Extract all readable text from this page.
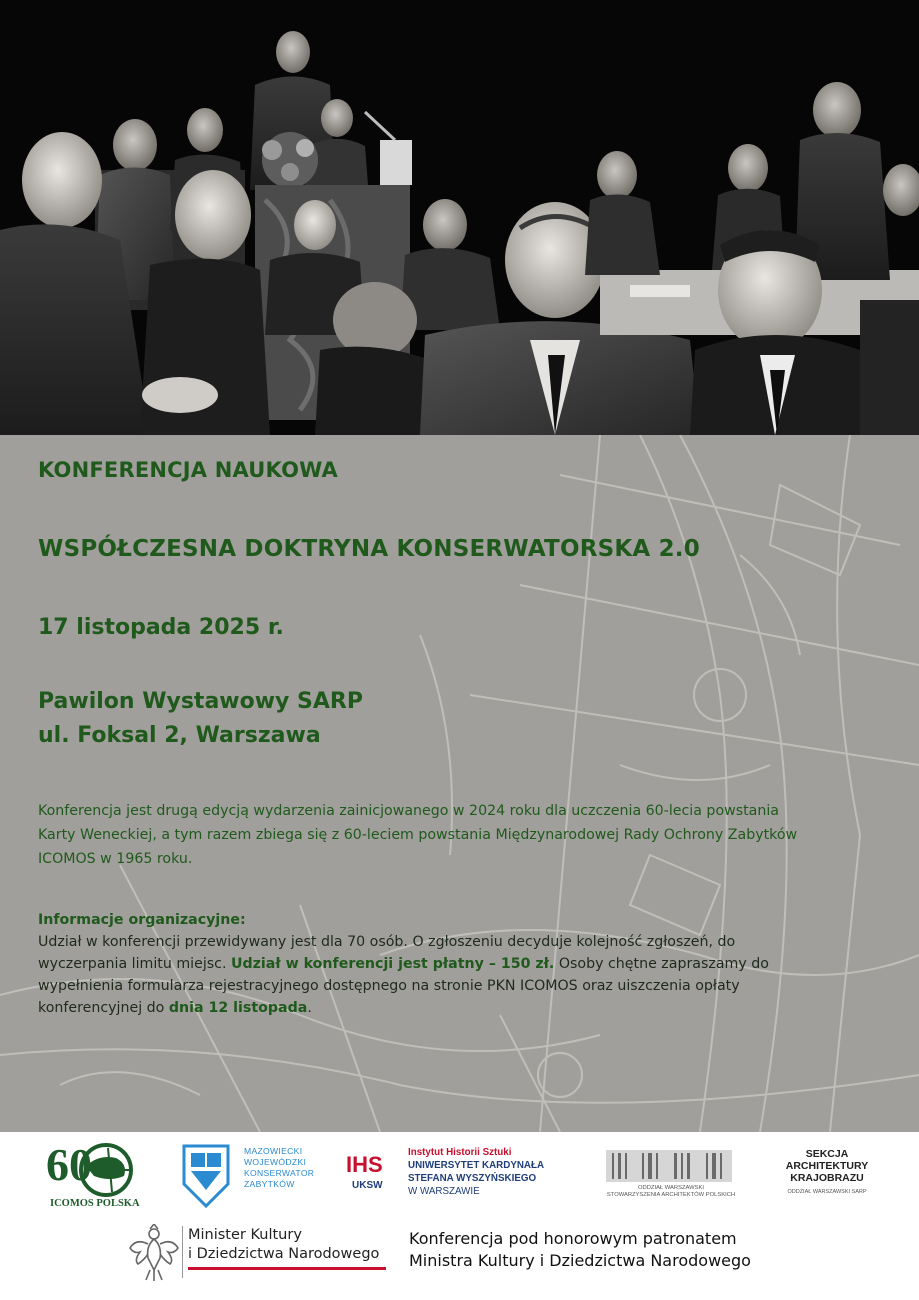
KONFERENCJA NAUKOWA
WSPÓŁCZESNA DOKTRYNA KONSERWATORSKA 2.0

17 listopada 2025 r.

Pawilon Wystawowy SARP
ul. Foksal 2, Warszawa

Konferencja jest drugą edycją wydarzenia zainicjowanego w 2024 roku dla uczczenia 60-lecia powstania Karty Weneckiej, a tym razem zbiega się z 60-leciem powstania Międzynarodowej Rady Ochrony Zabytków ICOMOS w 1965 roku.

Informacje organizacyjne:
Udział w konferencji przewidywany jest dla 70 osób. O zgłoszeniu decyduje kolejność zgłoszeń, do wyczerpania limitu miejsc. Udział w konferencji jest płatny – 150 zł. Osoby chętne zapraszamy do wypełnienia formularza rejestracyjnego dostępnego na stronie PKN ICOMOS oraz uiszczenia opłaty konferencyjnej do dnia 12 listopada.

60
ICOMOS POLSKA
MAZOWIECKI
WOJEWÓDZKI
KONSERWATOR
ZABYTKÓW
IHS
UKSW
Instytut Historii Sztuki
UNIWERSYTET KARDYNAŁA
STEFANA WYSZYŃSKIEGO
W WARSZAWIE	ODDZIAŁ WARSZAWSKI
STOWARZYSZENIA ARCHITEKTÓW POLSKICH
SEKCJA
ARCHITEKTURY
KRAJOBRAZU
ODDZIAŁ WARSZAWSKI SARP
Minister Kultury
i Dziedzictwa Narodowego
Konferencja pod honorowym patronatem
Ministra Kultury i Dziedzictwa Narodowego
